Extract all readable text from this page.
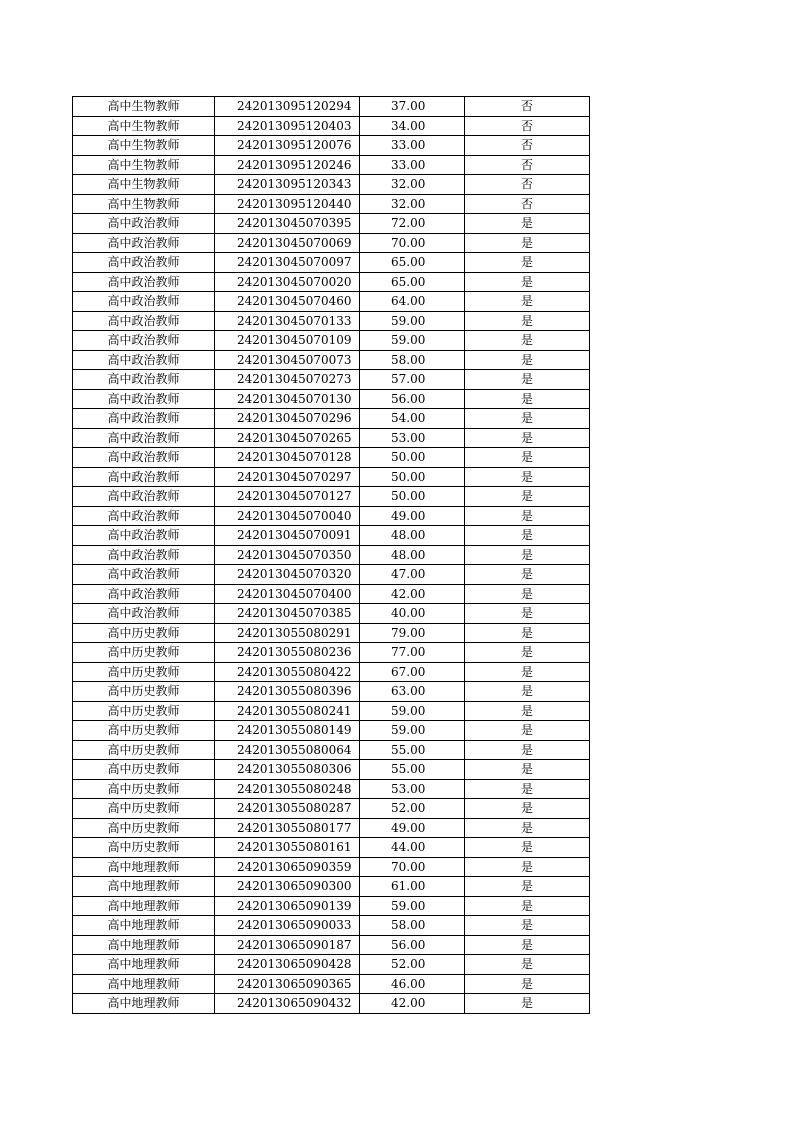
高中生物教师	242013095120294	37.00	否
高中生物教师	242013095120403	34.00	否
高中生物教师	242013095120076	33.00	否
高中生物教师	242013095120246	33.00	否
高中生物教师	242013095120343	32.00	否
高中生物教师	242013095120440	32.00	否
高中政治教师	242013045070395	72.00	是
高中政治教师	242013045070069	70.00	是
高中政治教师	242013045070097	65.00	是
高中政治教师	242013045070020	65.00	是
高中政治教师	242013045070460	64.00	是
高中政治教师	242013045070133	59.00	是
高中政治教师	242013045070109	59.00	是
高中政治教师	242013045070073	58.00	是
高中政治教师	242013045070273	57.00	是
高中政治教师	242013045070130	56.00	是
高中政治教师	242013045070296	54.00	是
高中政治教师	242013045070265	53.00	是
高中政治教师	242013045070128	50.00	是
高中政治教师	242013045070297	50.00	是
高中政治教师	242013045070127	50.00	是
高中政治教师	242013045070040	49.00	是
高中政治教师	242013045070091	48.00	是
高中政治教师	242013045070350	48.00	是
高中政治教师	242013045070320	47.00	是
高中政治教师	242013045070400	42.00	是
高中政治教师	242013045070385	40.00	是
高中历史教师	242013055080291	79.00	是
高中历史教师	242013055080236	77.00	是
高中历史教师	242013055080422	67.00	是
高中历史教师	242013055080396	63.00	是
高中历史教师	242013055080241	59.00	是
高中历史教师	242013055080149	59.00	是
高中历史教师	242013055080064	55.00	是
高中历史教师	242013055080306	55.00	是
高中历史教师	242013055080248	53.00	是
高中历史教师	242013055080287	52.00	是
高中历史教师	242013055080177	49.00	是
高中历史教师	242013055080161	44.00	是
高中地理教师	242013065090359	70.00	是
高中地理教师	242013065090300	61.00	是
高中地理教师	242013065090139	59.00	是
高中地理教师	242013065090033	58.00	是
高中地理教师	242013065090187	56.00	是
高中地理教师	242013065090428	52.00	是
高中地理教师	242013065090365	46.00	是
高中地理教师	242013065090432	42.00	是
